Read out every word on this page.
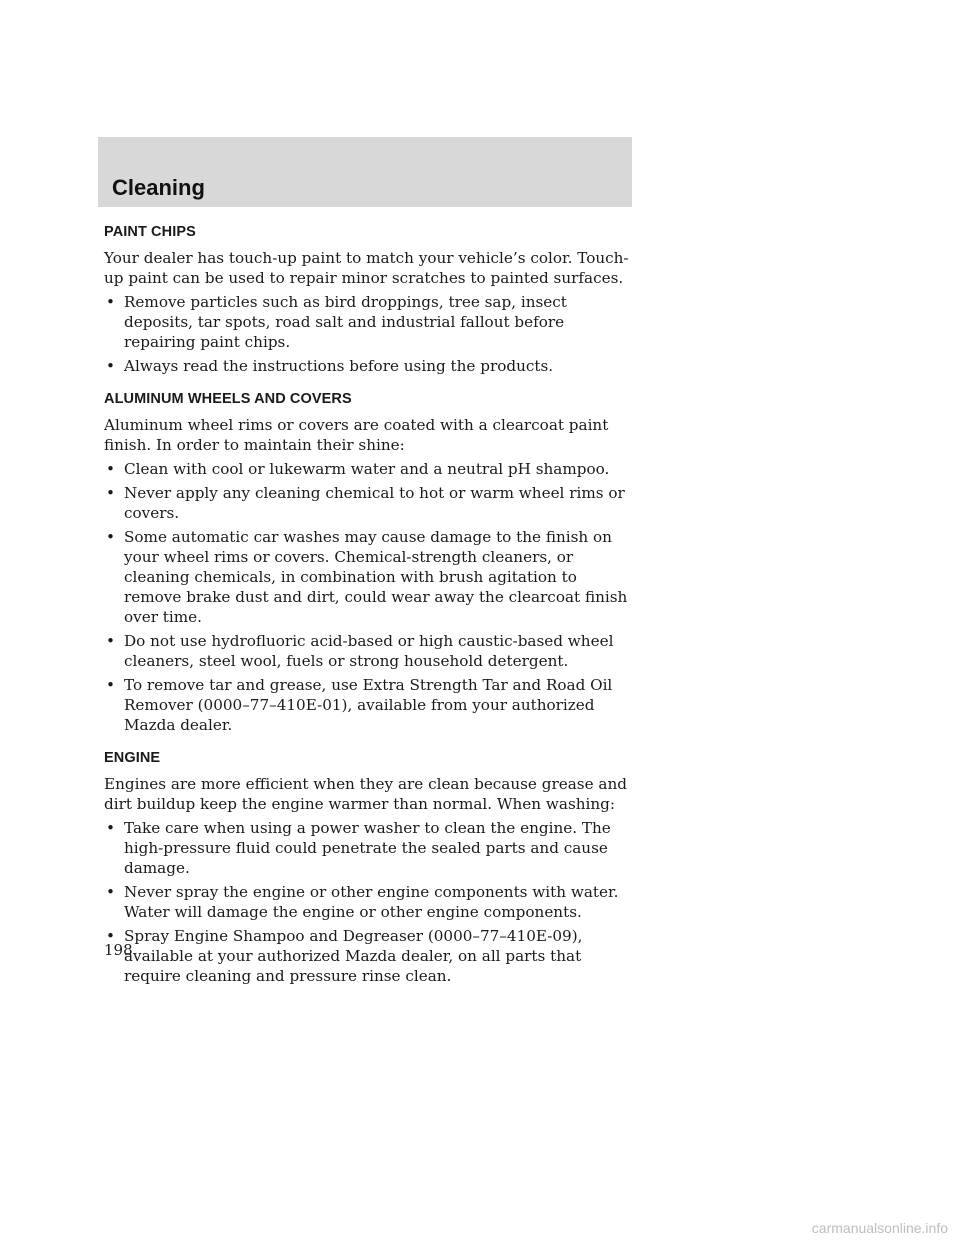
Cleaning
PAINT CHIPS

Your dealer has touch-up paint to match your vehicle’s color. Touch-up paint can be used to repair minor scratches to painted surfaces.

• Remove particles such as bird droppings, tree sap, insect deposits, tar spots, road salt and industrial fallout before repairing paint chips.
• Always read the instructions before using the products.
ALUMINUM WHEELS AND COVERS

Aluminum wheel rims or covers are coated with a clearcoat paint finish. In order to maintain their shine:

• Clean with cool or lukewarm water and a neutral pH shampoo.
• Never apply any cleaning chemical to hot or warm wheel rims or covers.
• Some automatic car washes may cause damage to the finish on your wheel rims or covers. Chemical-strength cleaners, or cleaning chemicals, in combination with brush agitation to remove brake dust and dirt, could wear away the clearcoat finish over time.
• Do not use hydrofluoric acid-based or high caustic-based wheel cleaners, steel wool, fuels or strong household detergent.
• To remove tar and grease, use Extra Strength Tar and Road Oil Remover (0000–77–410E-01), available from your authorized Mazda dealer.
ENGINE

Engines are more efficient when they are clean because grease and dirt buildup keep the engine warmer than normal. When washing:

• Take care when using a power washer to clean the engine. The high-pressure fluid could penetrate the sealed parts and cause damage.
• Never spray the engine or other engine components with water. Water will damage the engine or other engine components.
• Spray Engine Shampoo and Degreaser (0000–77–410E-09), available at your authorized Mazda dealer, on all parts that require cleaning and pressure rinse clean.
198
carmanualsonline.info
